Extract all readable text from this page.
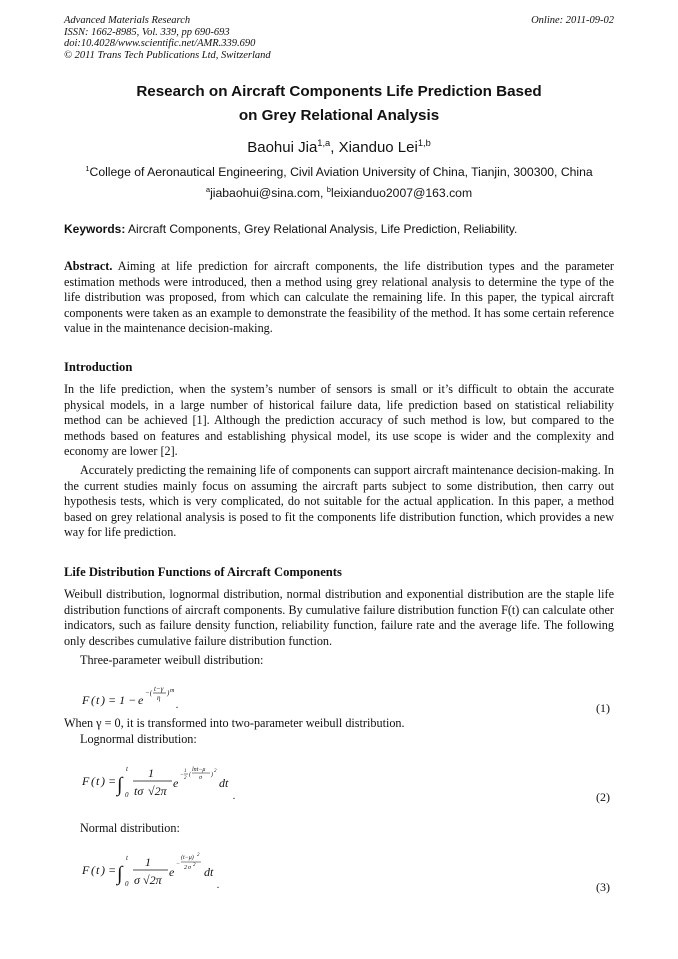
Advanced Materials Research
ISSN: 1662-8985, Vol. 339, pp 690-693
doi:10.4028/www.scientific.net/AMR.339.690
© 2011 Trans Tech Publications Ltd, Switzerland
Online: 2011-09-02
Research on Aircraft Components Life Prediction Based
on Grey Relational Analysis
Baohui Jia$^{1,a}$, Xianduo Lei$^{1,b}$
$^1$College of Aeronautical Engineering, Civil Aviation University of China, Tianjin, 300300, China
$^a$jiabaohui@sina.com, $^b$leixianduo2007@163.com
Keywords: Aircraft Components, Grey Relational Analysis, Life Prediction, Reliability.
Abstract. Aiming at life prediction for aircraft components, the life distribution types and the parameter estimation methods were introduced, then a method using grey relational analysis to determine the type of the life distribution was proposed, from which can calculate the remaining life. In this paper, the typical aircraft components were taken as an example to demonstrate the feasibility of the method. It has some certain reference value in the maintenance decision-making.
Introduction
In the life prediction, when the system’s number of sensors is small or it’s difficult to obtain the accurate physical models, in a large number of historical failure data, life prediction based on statistical reliability method can be achieved [1]. Although the prediction accuracy of such method is low, but compared to the methods based on features and establishing physical model, its use scope is wider and the complexity and economy are lower [2].
Accurately predicting the remaining life of components can support aircraft maintenance decision-making. In the current studies mainly focus on assuming the aircraft parts subject to some distribution, then carry out hypothesis tests, which is very complicated, do not suitable for the actual application. In this paper, a method based on grey relational analysis is posed to fit the components life distribution function, which provides a new way for life prediction.
Life Distribution Functions of Aircraft Components
Weibull distribution, lognormal distribution, normal distribution and exponential distribution are the staple life distribution functions of aircraft components. By cumulative failure distribution function F(t) can calculate other indicators, such as failure density function, reliability function, failure rate and the average life. The following only describes cumulative failure distribution function.
Three-parameter weibull distribution:
F ( t ) = 1 − e −( t−γ
η
) m
.	(1)
When γ = 0, it is transformed into two-parameter weibull distribution.
Lognormal distribution:
F ( t ) = ∫
t
0
1
tσ √2π
e
−
1
2
(
lnt−μ
σ )
2
dt
.	(2)
Normal distribution:
F ( t ) = ∫
t
0
1
σ √2π
e
−
(t−μ) 2
2 σ 2 dt
.	(3)
